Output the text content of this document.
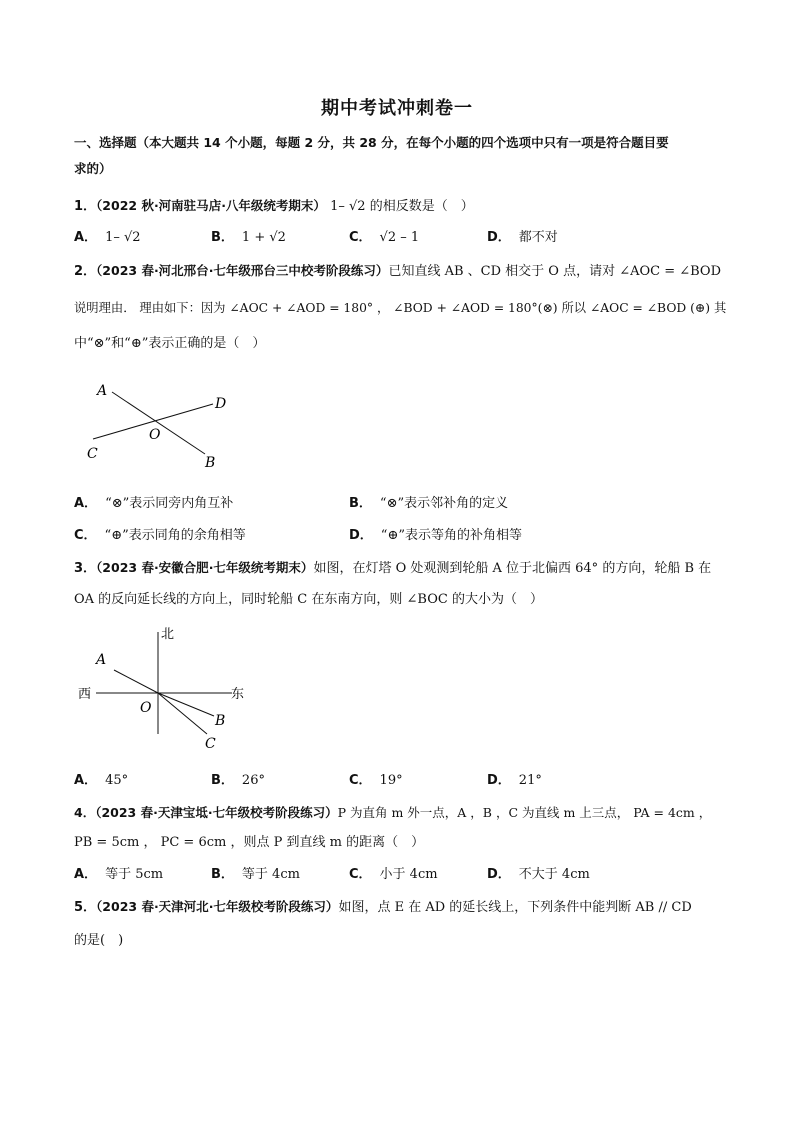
期中考试冲刺卷一
一、选择题（本大题共 14 个小题，每题 2 分，共 28 分，在每个小题的四个选项中只有一项是符合题目要
求的）
1．（2022 秋·河南驻马店·八年级统考期末） 1– √2 的相反数是（　）
A． 1– √2	B． 1 + √2	C． √2 – 1	D． 都不对
2．（2023 春·河北邢台·七年级邢台三中校考阶段练习）已知直线 AB 、CD 相交于 O 点，请对 ∠AOC = ∠BOD
说明理由． 理由如下：因为 ∠AOC + ∠AOD = 180° ， ∠BOD + ∠AOD = 180°(⊗) 所以 ∠AOC = ∠BOD (⊕) 其
中“⊗”和“⊕”表示正确的是（　）
A
D
O
C
B
A． “⊗”表示同旁内角互补	B． “⊗”表示邻补角的定义
C． “⊕”表示同角的余角相等	D． “⊕”表示等角的补角相等
3．（2023 春·安徽合肥·七年级统考期末）如图，在灯塔 O 处观测到轮船 A 位于北偏西 64° 的方向，轮船 B 在
OA 的反向延长线的方向上，同时轮船 C 在东南方向，则 ∠BOC 的大小为（　）
北
西	东
A
O
B
C
A． 45°	B． 26°	C． 19°	D． 21°
4．（2023 春·天津宝坻·七年级校考阶段练习）P 为直角 m 外一点，A ，B ，C 为直线 m 上三点， PA = 4cm ，
PB = 5cm ， PC = 6cm ，则点 P 到直线 m 的距离（　）
A． 等于 5cm	B． 等于 4cm	C． 小于 4cm	D． 不大于 4cm
5．（2023 春·天津河北·七年级校考阶段练习）如图，点 E 在 AD 的延长线上，下列条件中能判断 AB // CD
的是(　)
